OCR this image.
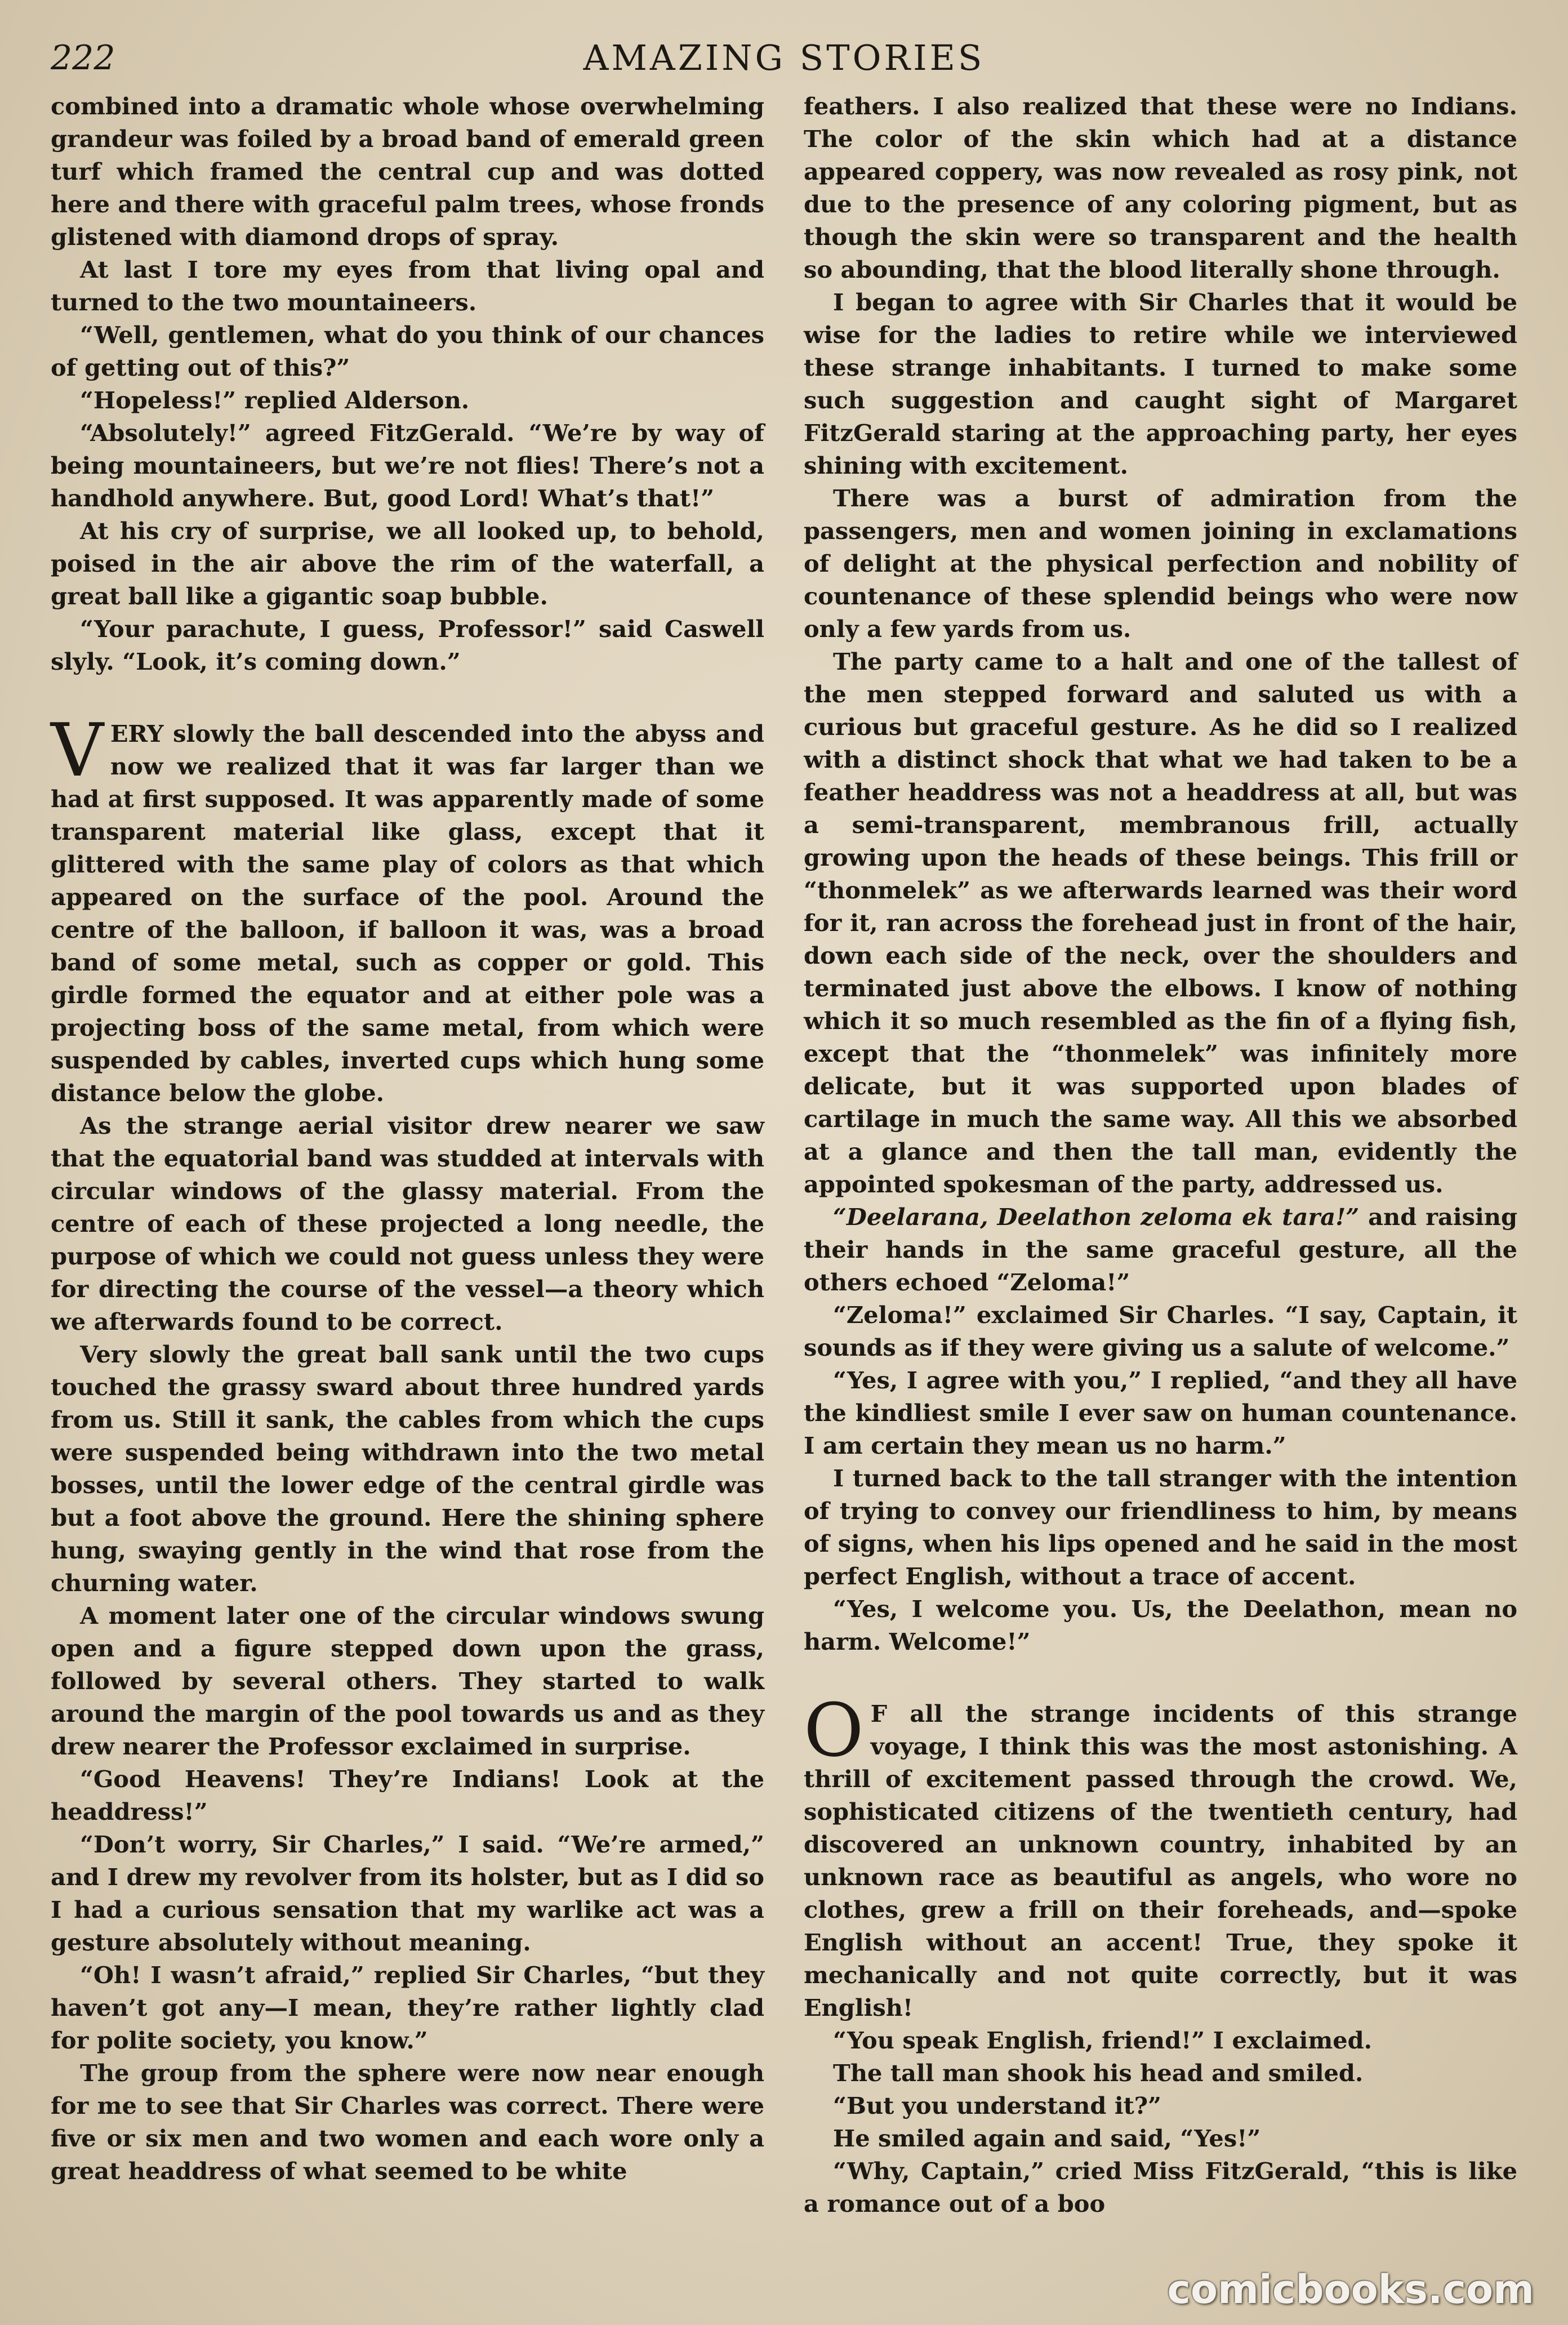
222	AMAZING STORIES

combined into a dramatic whole whose overwhelming grandeur was foiled by a broad band of emerald green turf which framed the central cup and was dotted here and there with graceful palm trees, whose fronds glistened with diamond drops of spray.

At last I tore my eyes from that living opal and turned to the two mountaineers.

“Well, gentlemen, what do you think of our chances of getting out of this?”

“Hopeless!” replied Alderson.

“Absolutely!” agreed FitzGerald. “We’re by way of being mountaineers, but we’re not flies! There’s not a handhold anywhere. But, good Lord! What’s that!”

At his cry of surprise, we all looked up, to behold, poised in the air above the rim of the waterfall, a great ball like a gigantic soap bubble.

“Your parachute, I guess, Professor!” said Caswell slyly. “Look, it’s coming down.”

VERY slowly the ball descended into the abyss and now we realized that it was far larger than we had at first supposed. It was apparently made of some transparent material like glass, except that it glittered with the same play of colors as that which appeared on the surface of the pool. Around the centre of the balloon, if balloon it was, was a broad band of some metal, such as copper or gold. This girdle formed the equator and at either pole was a projecting boss of the same metal, from which were suspended by cables, inverted cups which hung some distance below the globe.

As the strange aerial visitor drew nearer we saw that the equatorial band was studded at intervals with circular windows of the glassy material. From the centre of each of these projected a long needle, the purpose of which we could not guess unless they were for directing the course of the vessel—a theory which we afterwards found to be correct.

Very slowly the great ball sank until the two cups touched the grassy sward about three hundred yards from us. Still it sank, the cables from which the cups were suspended being withdrawn into the two metal bosses, until the lower edge of the central girdle was but a foot above the ground. Here the shining sphere hung, swaying gently in the wind that rose from the churning water.

A moment later one of the circular windows swung open and a figure stepped down upon the grass, followed by several others. They started to walk around the margin of the pool towards us and as they drew nearer the Professor exclaimed in surprise.

“Good Heavens! They’re Indians! Look at the headdress!”

“Don’t worry, Sir Charles,” I said. “We’re armed,” and I drew my revolver from its holster, but as I did so I had a curious sensation that my warlike act was a gesture absolutely without meaning.

“Oh! I wasn’t afraid,” replied Sir Charles, “but they haven’t got any—I mean, they’re rather lightly clad for polite society, you know.”

The group from the sphere were now near enough for me to see that Sir Charles was correct. There were five or six men and two women and each wore only a great headdress of what seemed to be white

feathers. I also realized that these were no Indians. The color of the skin which had at a distance appeared coppery, was now revealed as rosy pink, not due to the presence of any coloring pigment, but as though the skin were so transparent and the health so abounding, that the blood literally shone through.

I began to agree with Sir Charles that it would be wise for the ladies to retire while we interviewed these strange inhabitants. I turned to make some such suggestion and caught sight of Margaret FitzGerald staring at the approaching party, her eyes shining with excitement.

There was a burst of admiration from the passengers, men and women joining in exclamations of delight at the physical perfection and nobility of countenance of these splendid beings who were now only a few yards from us.

The party came to a halt and one of the tallest of the men stepped forward and saluted us with a curious but graceful gesture. As he did so I realized with a distinct shock that what we had taken to be a feather headdress was not a headdress at all, but was a semi-transparent, membranous frill, actually growing upon the heads of these beings. This frill or “thonmelek” as we afterwards learned was their word for it, ran across the forehead just in front of the hair, down each side of the neck, over the shoulders and terminated just above the elbows. I know of nothing which it so much resembled as the fin of a flying fish, except that the “thonmelek” was infinitely more delicate, but it was supported upon blades of cartilage in much the same way. All this we absorbed at a glance and then the tall man, evidently the appointed spokesman of the party, addressed us.

“Deelarana, Deelathon zeloma ek tara!” and raising their hands in the same graceful gesture, all the others echoed “Zeloma!”

“Zeloma!” exclaimed Sir Charles. “I say, Captain, it sounds as if they were giving us a salute of welcome.”

“Yes, I agree with you,” I replied, “and they all have the kindliest smile I ever saw on human countenance. I am certain they mean us no harm.”

I turned back to the tall stranger with the intention of trying to convey our friendliness to him, by means of signs, when his lips opened and he said in the most perfect English, without a trace of accent.

“Yes, I welcome you. Us, the Deelathon, mean no harm. Welcome!”

O F all the strange incidents of this strange voyage, I think this was the most astonishing. A thrill of excitement passed through the crowd. We, sophisticated citizens of the twentieth century, had discovered an unknown country, inhabited by an unknown race as beautiful as angels, who wore no clothes, grew a frill on their foreheads, and—spoke English without an accent! True, they spoke it mechanically and not quite correctly, but it was English!

“You speak English, friend!” I exclaimed.

The tall man shook his head and smiled.

“But you understand it?”

He smiled again and said, “Yes!”

“Why, Captain,” cried Miss FitzGerald, “this is like a romance out of a boo

comicbooks.com
